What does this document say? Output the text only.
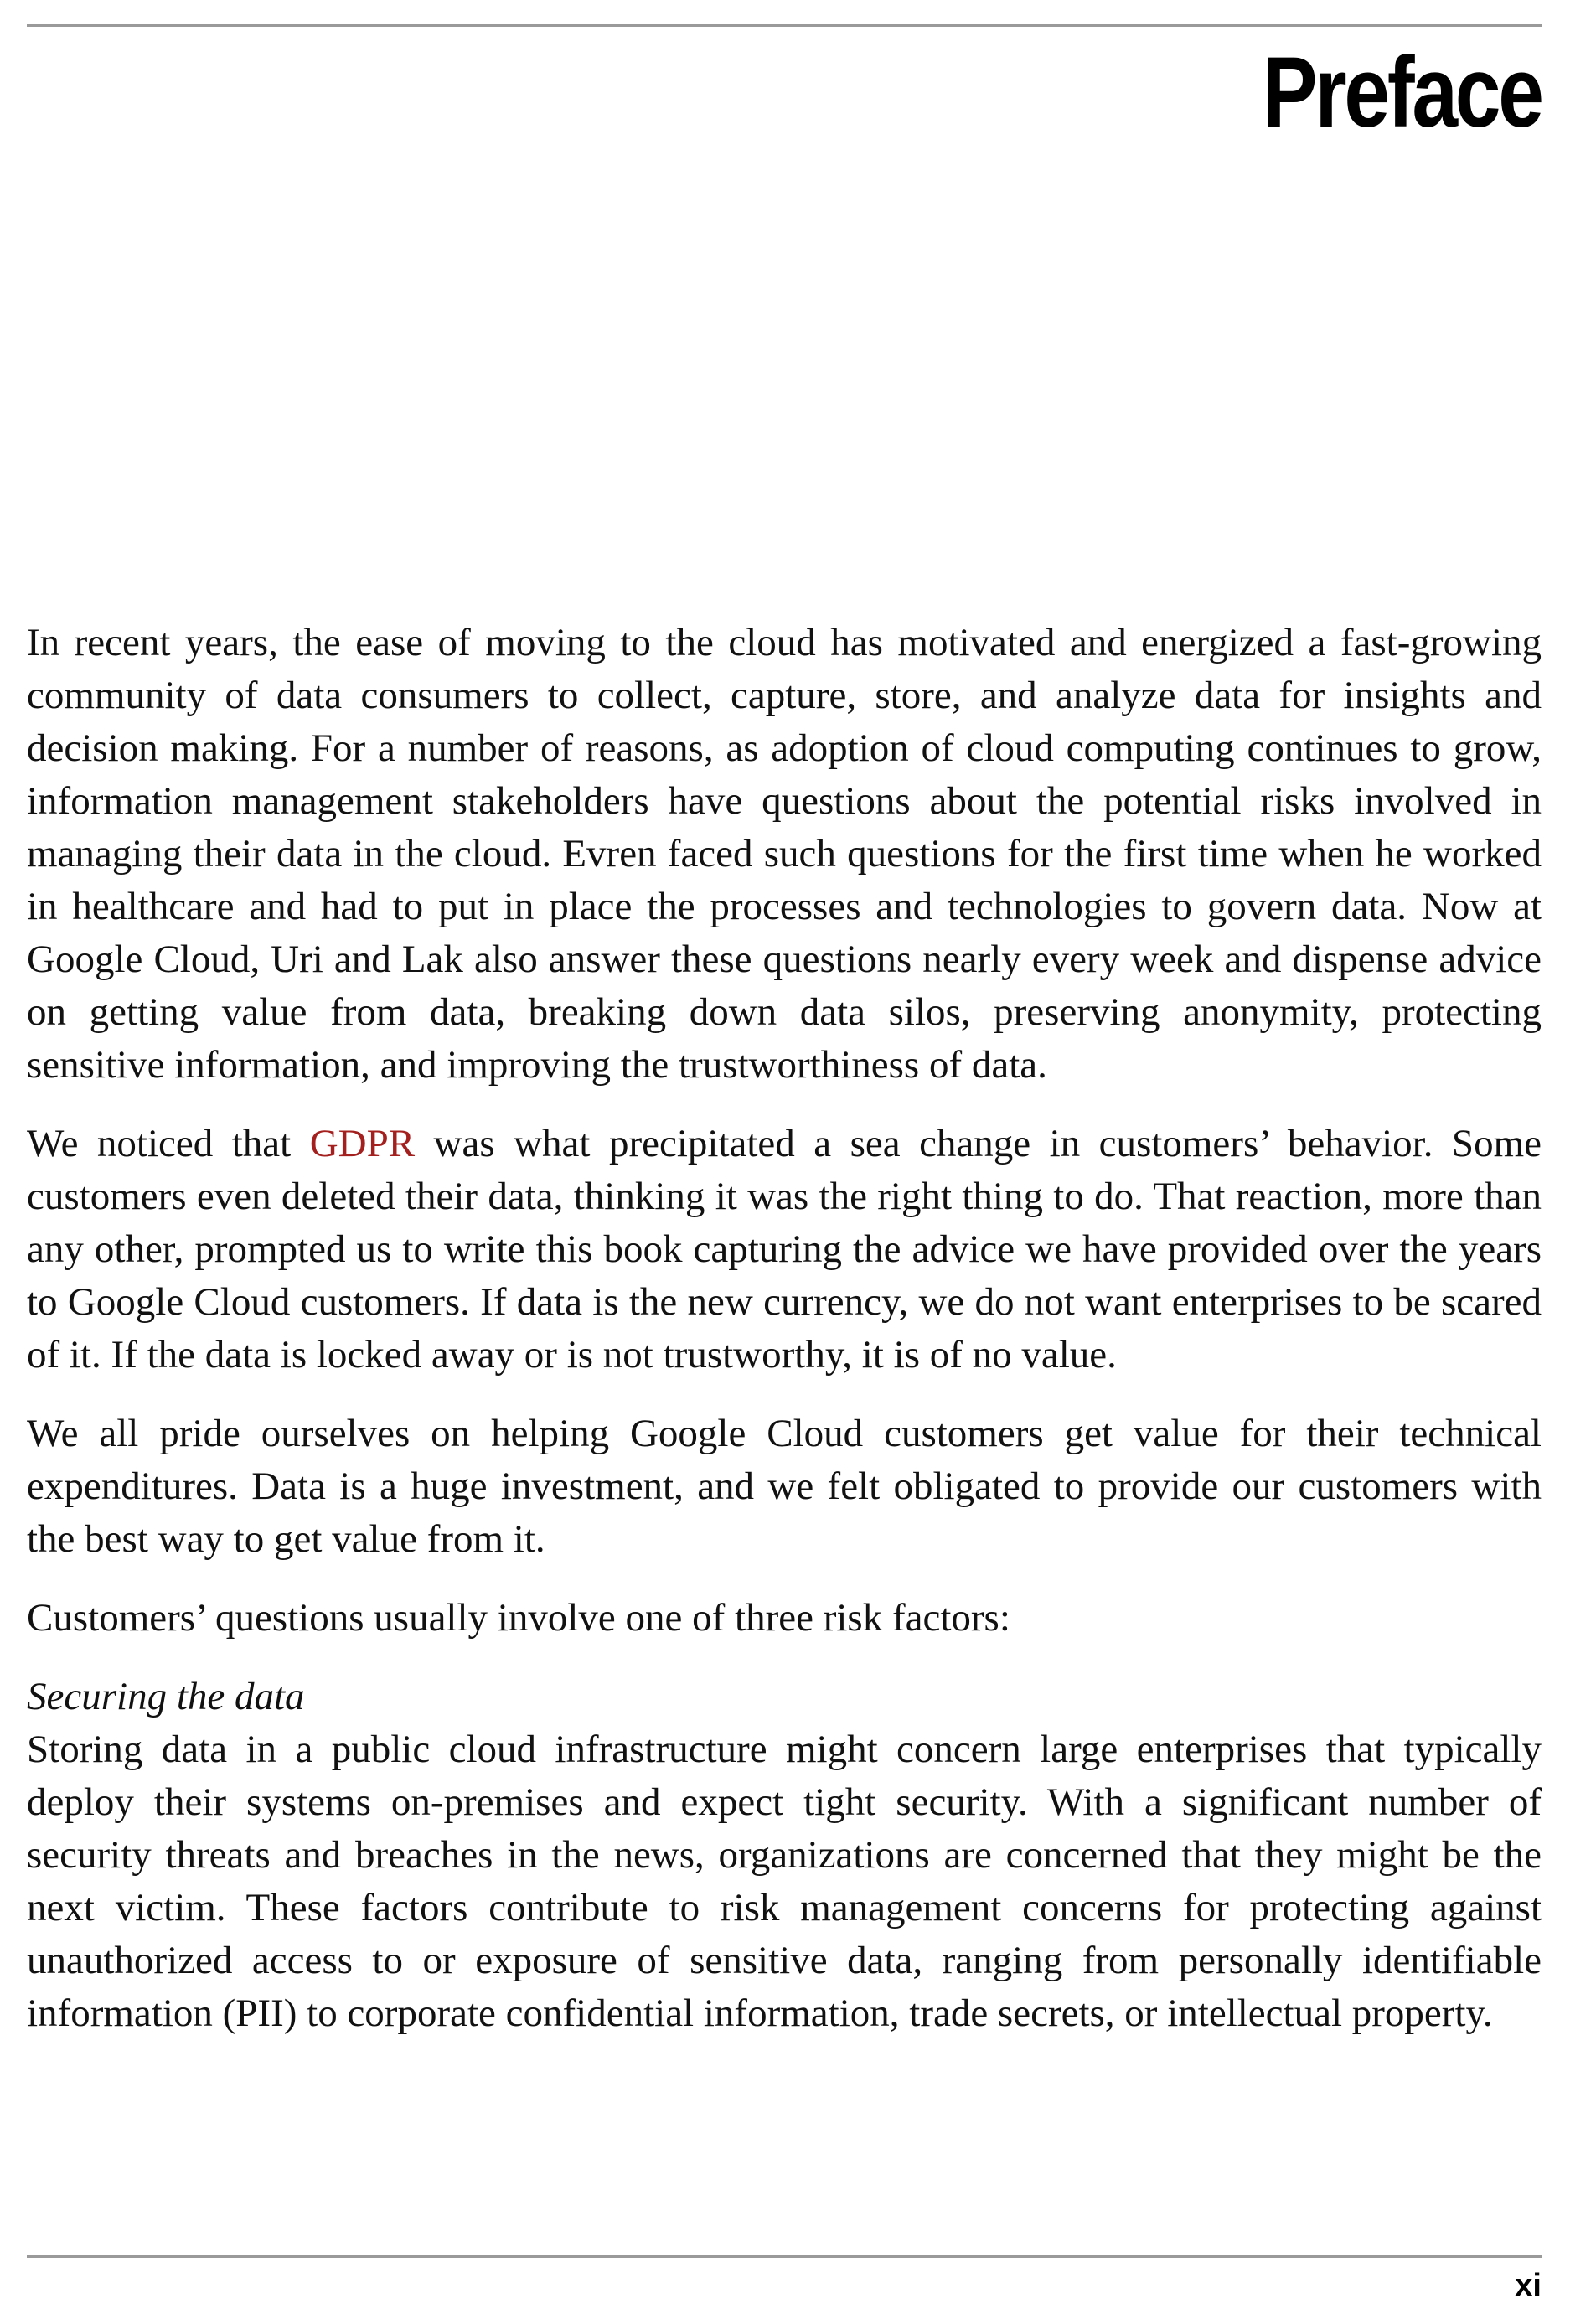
Preface

In recent years, the ease of moving to the cloud has motivated and energized a fast-growing community of data consumers to collect, capture, store, and analyze data for insights and decision making. For a number of reasons, as adoption of cloud computing continues to grow, information management stakeholders have questions about the potential risks involved in managing their data in the cloud. Evren faced such questions for the first time when he worked in healthcare and had to put in place the processes and technologies to govern data. Now at Google Cloud, Uri and Lak also answer these questions nearly every week and dispense advice on getting value from data, breaking down data silos, preserving anonymity, protecting sensitive information, and improving the trustworthiness of data.

We noticed that GDPR was what precipitated a sea change in customers’ behavior. Some customers even deleted their data, thinking it was the right thing to do. That reaction, more than any other, prompted us to write this book capturing the advice we have provided over the years to Google Cloud customers. If data is the new currency, we do not want enterprises to be scared of it. If the data is locked away or is not trustworthy, it is of no value.

We all pride ourselves on helping Google Cloud customers get value for their technical expenditures. Data is a huge investment, and we felt obligated to provide our customers with the best way to get value from it.

Customers’ questions usually involve one of three risk factors:

Securing the data

Storing data in a public cloud infrastructure might concern large enterprises that typically deploy their systems on-premises and expect tight security. With a significant number of security threats and breaches in the news, organizations are concerned that they might be the next victim. These factors contribute to risk management concerns for protecting against unauthorized access to or exposure of sensitive data, ranging from personally identifiable information (PII) to corporate confidential information, trade secrets, or intellectual property.

xi
